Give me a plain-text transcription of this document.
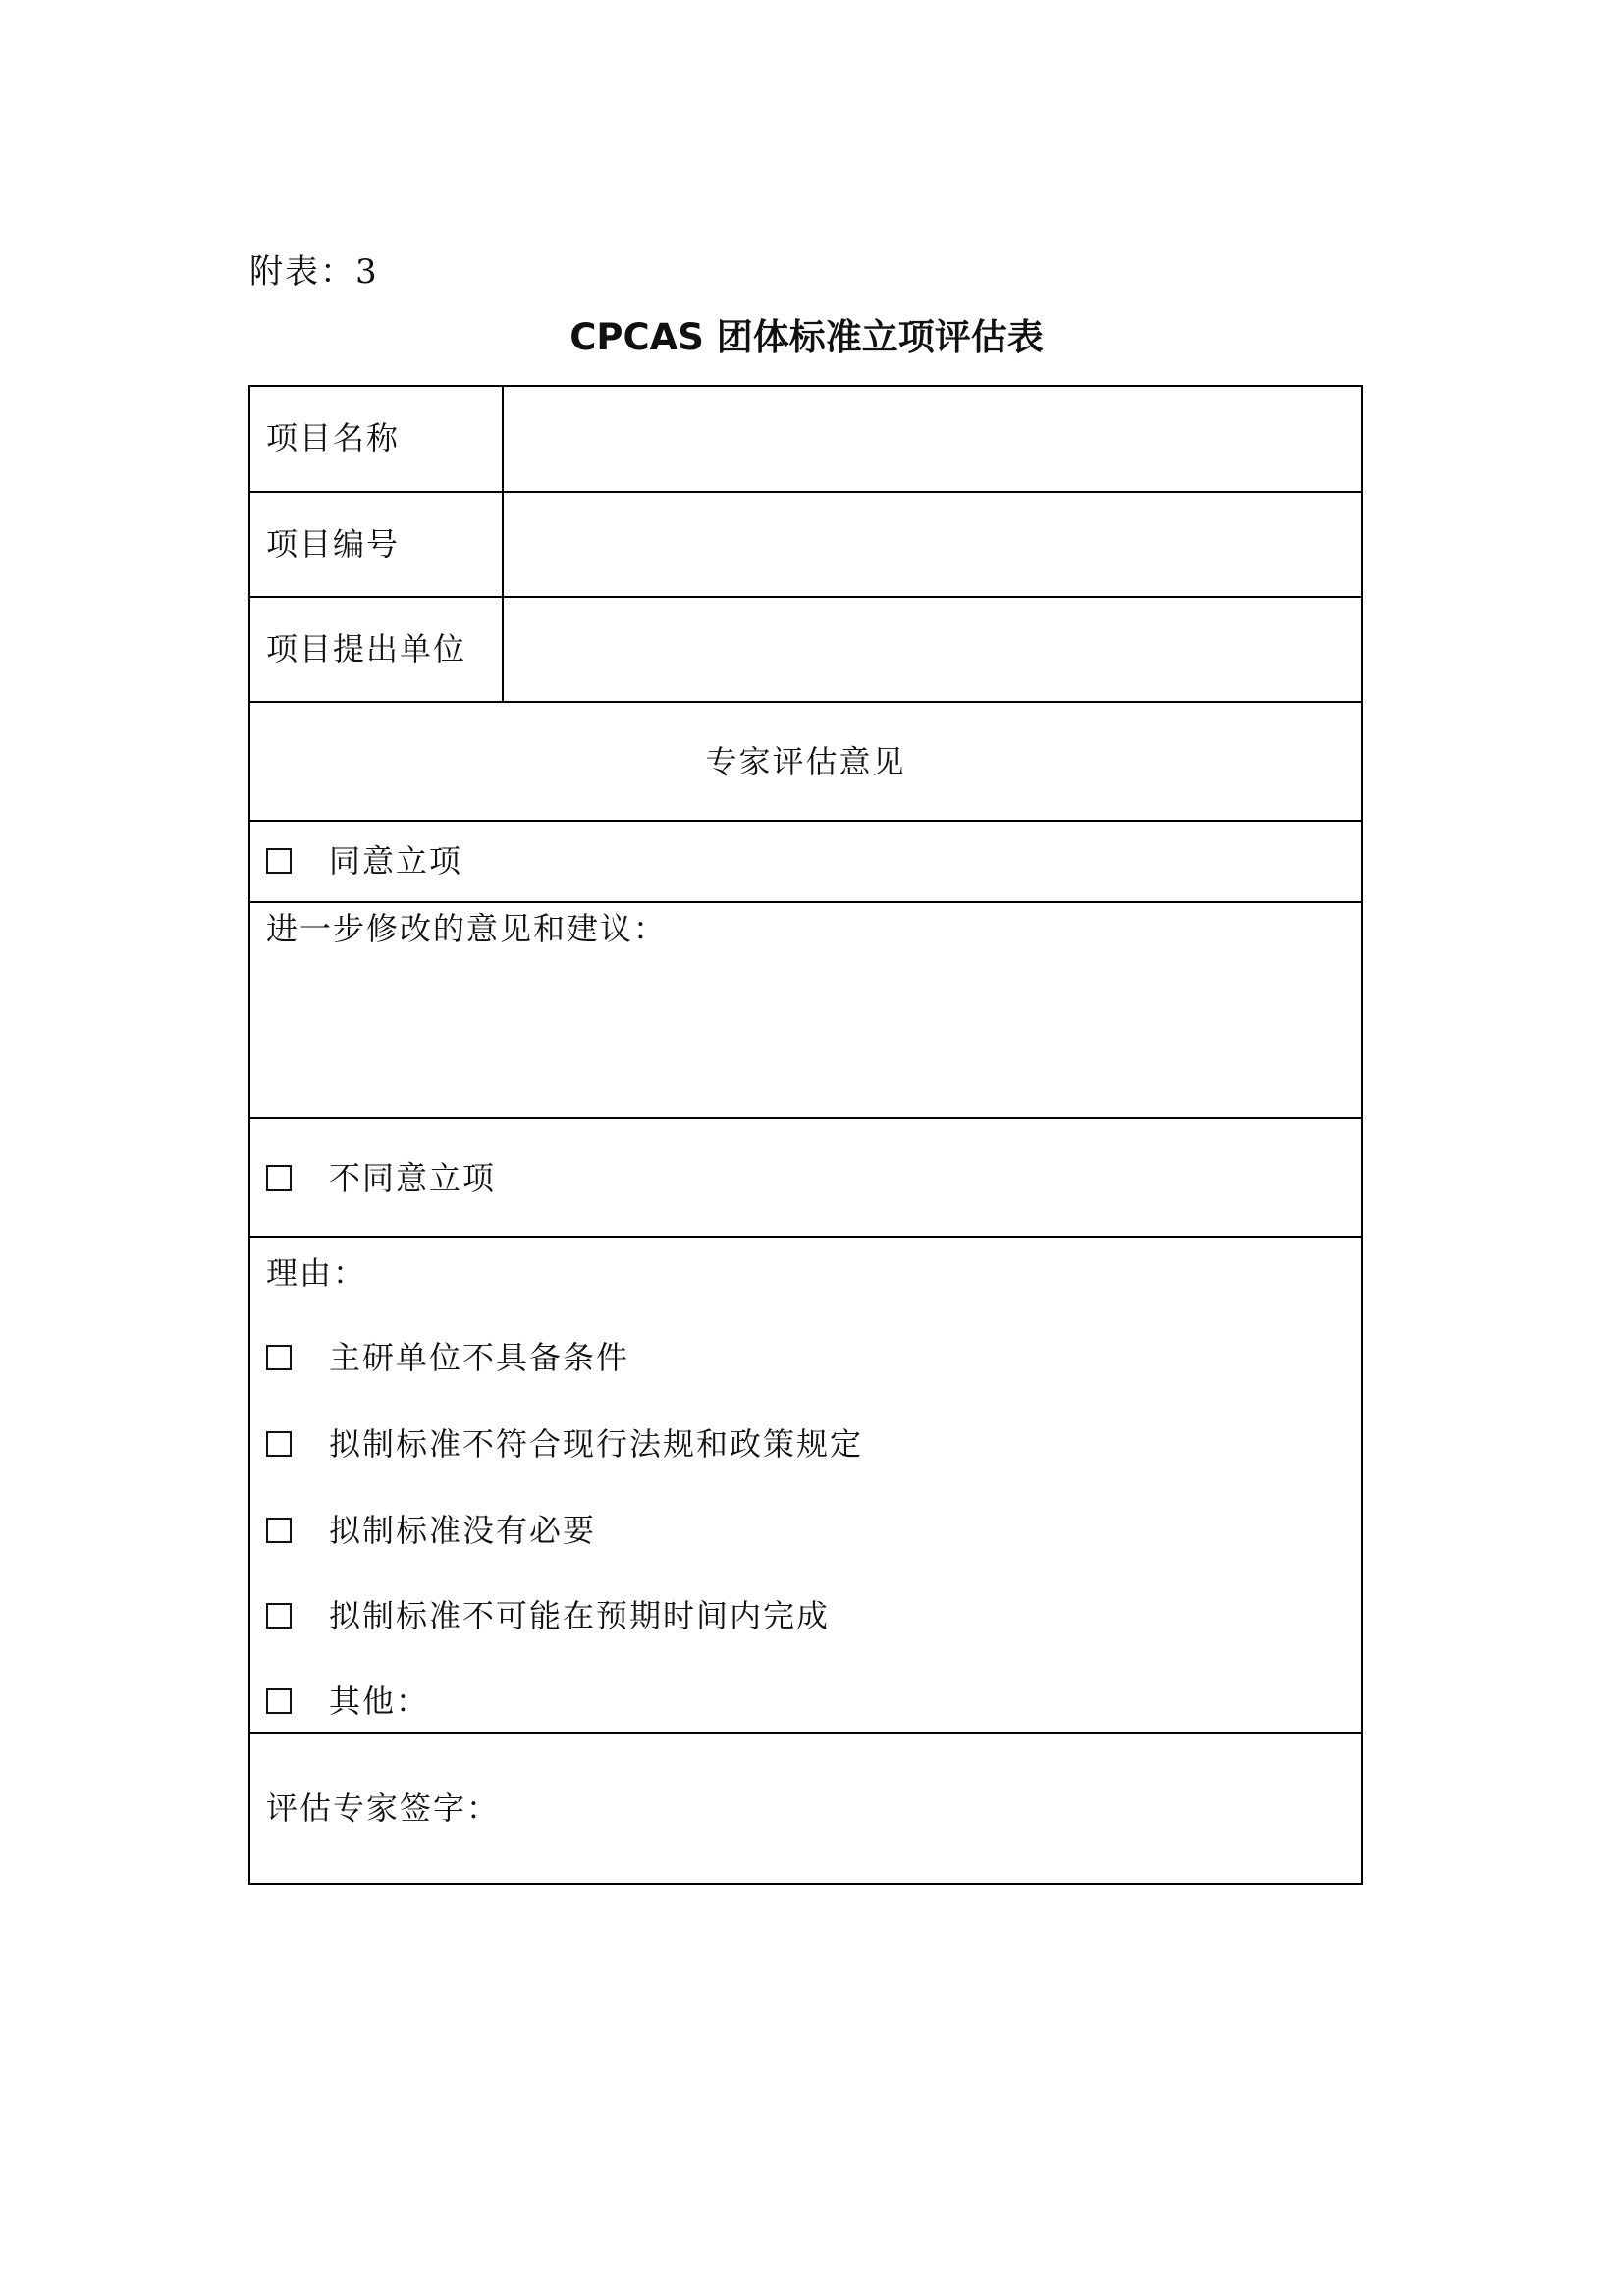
附表：3
CPCAS 团体标准立项评估表
项目名称
项目编号
项目提出单位
专家评估意见
同意立项
进一步修改的意见和建议：
不同意立项
理由：
主研单位不具备条件
拟制标准不符合现行法规和政策规定
拟制标准没有必要
拟制标准不可能在预期时间内完成
其他：
评估专家签字：
